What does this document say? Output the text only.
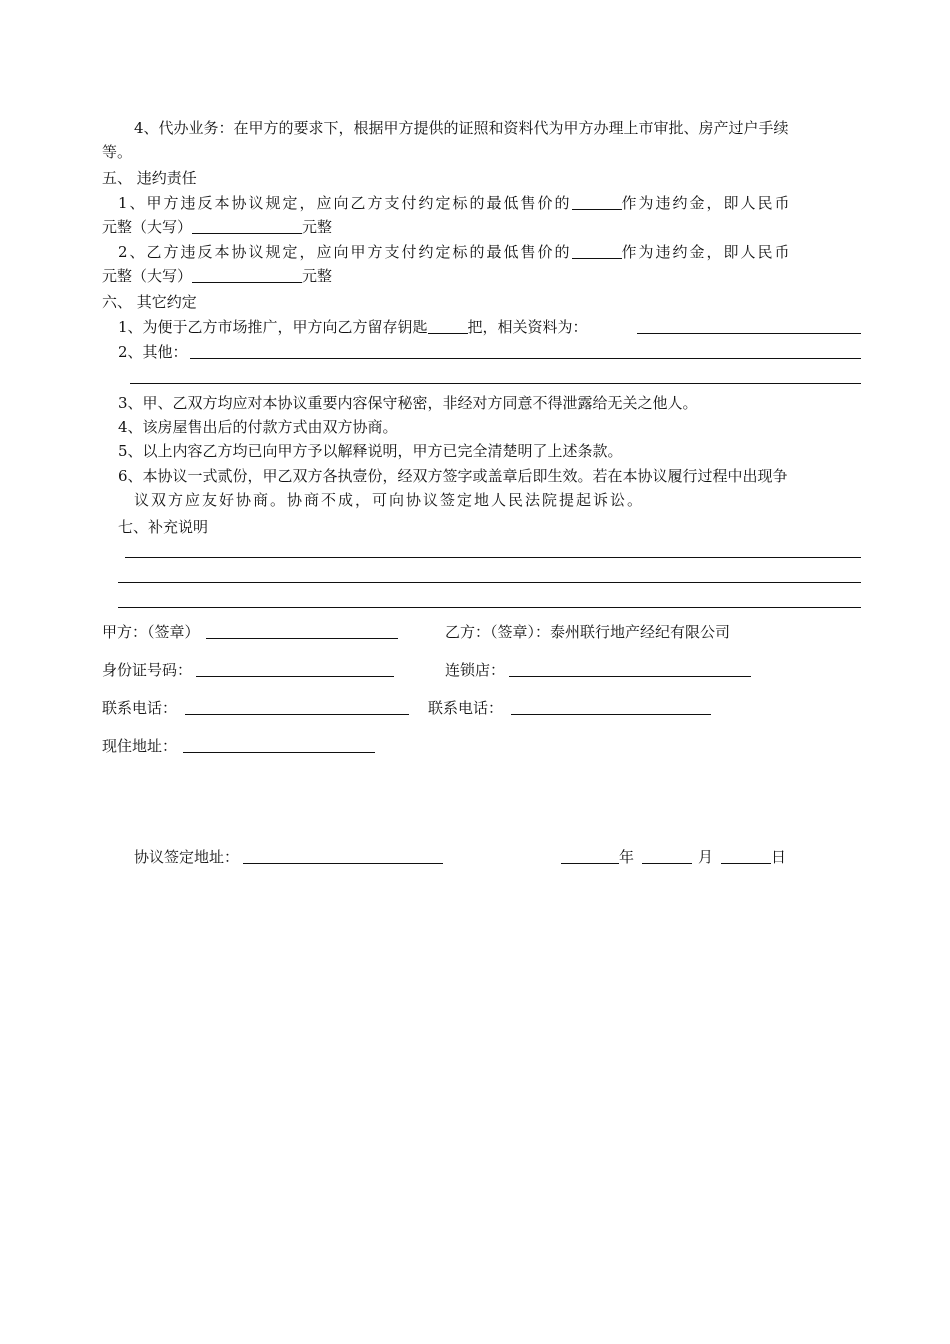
4、代办业务：在甲方的要求下，根据甲方提供的证照和资料代为甲方办理上市审批、房产过户手续
等。
五、 违约责任
1、甲方违反本协议规定，应向乙方支付约定标的最低售价的	作为违约金，即人民币
元整（大写）	元整
2、乙方违反本协议规定，应向甲方支付约定标的最低售价的	作为违约金，即人民币
元整（大写）	元整
六、 其它约定
1、为便于乙方市场推广，甲方向乙方留存钥匙	把，相关资料为：
2、其他：
3、甲、乙双方均应对本协议重要内容保守秘密，非经对方同意不得泄露给无关之他人。
4、该房屋售出后的付款方式由双方协商。
5、以上内容乙方均已向甲方予以解释说明，甲方已完全清楚明了上述条款。
6、本协议一式贰份，甲乙双方各执壹份，经双方签字或盖章后即生效。若在本协议履行过程中出现争
议双方应友好协商。协商不成，可向协议签定地人民法院提起诉讼。
七、补充说明
甲方：（签章）	乙方：（签章）：泰州联行地产经纪有限公司
身份证号码：	连锁店：
联系电话：	联系电话：
现住地址：
协议签定地址：	年	月	日
